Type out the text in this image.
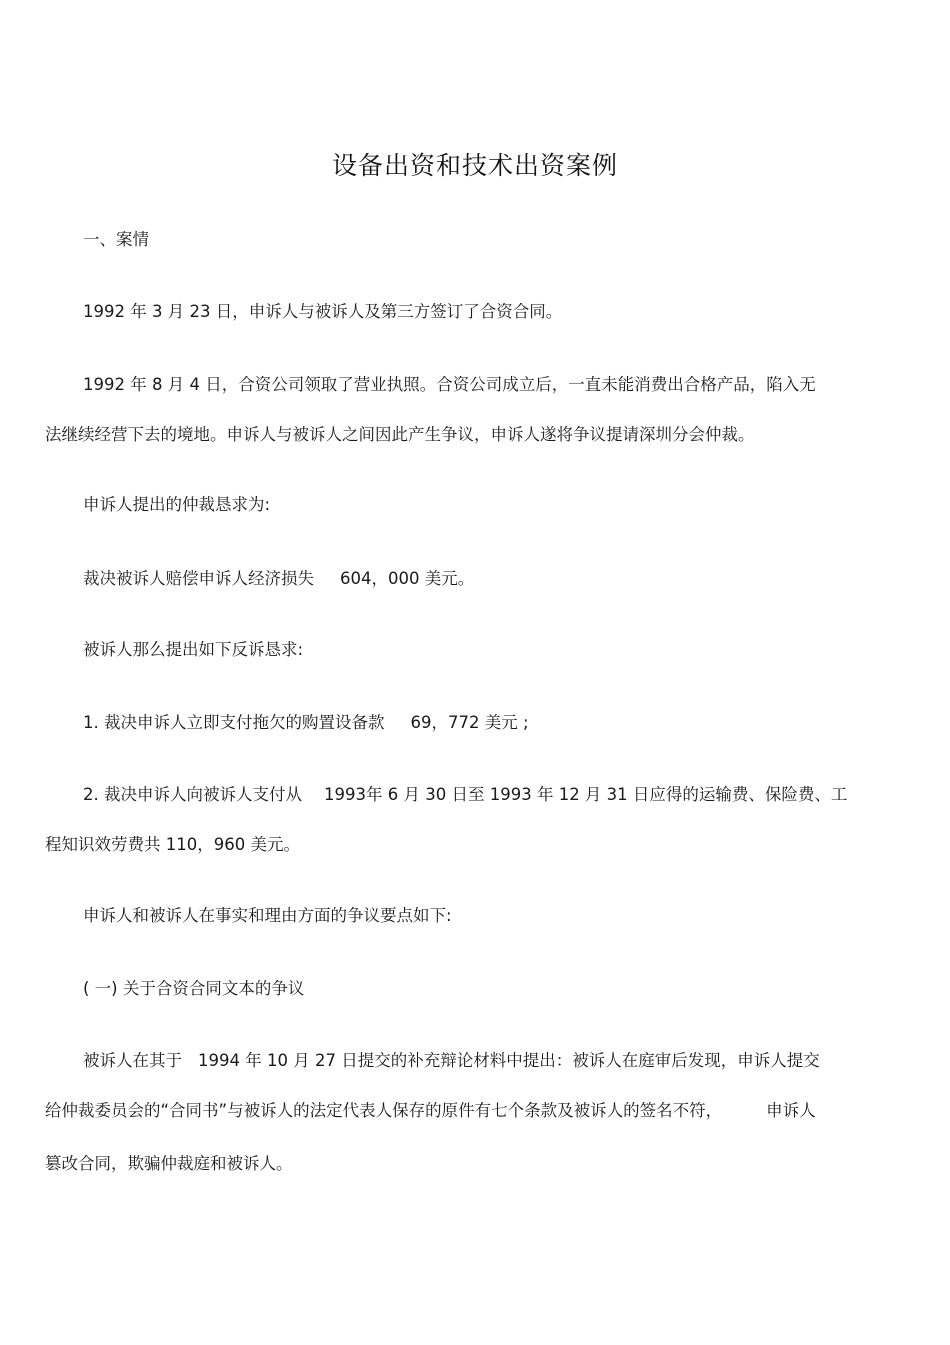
设备出资和技术出资案例
一、案情
1992 年 3 月 23 日，申诉人与被诉人及第三方签订了合资合同。
1992 年 8 月 4 日，合资公司领取了营业执照。合资公司成立后，一直未能消费出合格产品，陷入无
法继续经营下去的境地。申诉人与被诉人之间因此产生争议，申诉人遂将争议提请深圳分会仲裁。
申诉人提出的仲裁恳求为:
裁决被诉人赔偿申诉人经济损失 604，000 美元。
被诉人那么提出如下反诉恳求:
1. 裁决申诉人立即支付拖欠的购置设备款 69，772 美元 ;
2. 裁决申诉人向被诉人支付从 1993年 6 月 30 日至 1993 年 12 月 31 日应得的运输费、保险费、工
程知识效劳费共 110，960 美元。
申诉人和被诉人在事实和理由方面的争议要点如下:
( 一) 关于合资合同文本的争议
被诉人在其于 1994 年 10 月 27 日提交的补充辩论材料中提出：被诉人在庭审后发现，申诉人提交
给仲裁委员会的“合同书”与被诉人的法定代表人保存的原件有七个条款及被诉人的签名不符，	申诉人
篡改合同，欺骗仲裁庭和被诉人。
